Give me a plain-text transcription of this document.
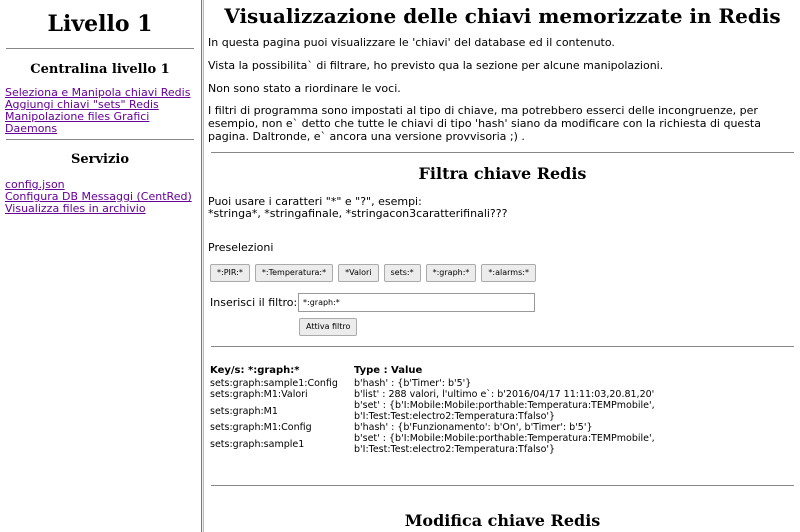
Livello 1
Centralina livello 1
Seleziona e Manipola chiavi Redis
Aggiungi chiavi "sets" Redis
Manipolazione files Grafici
Daemons
Servizio
config.json
Configura DB Messaggi (CentRed)
Visualizza files in archivio
Visualizzazione delle chiavi memorizzate in Redis

In questa pagina puoi visualizzare le 'chiavi' del database ed il contenuto.

Vista la possibilita` di filtrare, ho previsto qua la sezione per alcune manipolazioni.

Non sono stato a riordinare le voci.

I filtri di programma sono impostati al tipo di chiave, ma potrebbero esserci delle incongruenze, per esempio, non e` detto che tutte le chiavi di tipo 'hash' siano da modificare con la richiesta di questa pagina. Daltronde, e` ancora una versione provvisoria ;) .

Filtra chiave Redis

Puoi usare i caratteri "*" e "?", esempi:

*stringa*, *stringafinale, *stringacon3caratterifinali???

Preselezioni

*:PIR:*	*:Temperatura:*	*Valori	sets:*	*:graph:*	*:alarms:*
Inserisci il filtro: *:graph:*
Attiva filtro
Key/s: *:graph:*	Type : Value
sets:graph:sample1:Config	b'hash' : {b'Timer': b'5'}
sets:graph:M1:Valori	b'list' : 288 valori, l'ultimo e`: b'2016/04/17 11:11:03,20.81,20'
sets:graph:M1	b'set' : {b'I:Mobile:Mobile:porthable:Temperatura:TEMPmobile', b'I:Test:Test:electro2:Temperatura:Tfalso'}
sets:graph:M1:Config	b'hash' : {b'Funzionamento': b'On', b'Timer': b'5'}
sets:graph:sample1	b'set' : {b'I:Mobile:Mobile:porthable:Temperatura:TEMPmobile', b'I:Test:Test:electro2:Temperatura:Tfalso'}
Modifica chiave Redis
